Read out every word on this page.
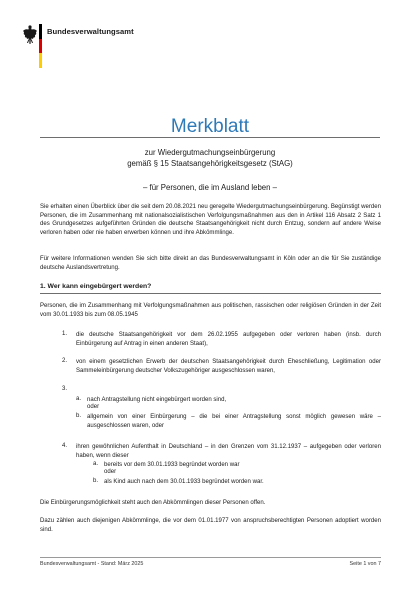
Bundesverwaltungsamt
Merkblatt
zur Wiedergutmachungseinbürgerung
gemäß § 15 Staatsangehörigkeitsgesetz (StAG)
– für Personen, die im Ausland leben –

Sie erhalten einen Überblick über die seit dem 20.08.2021 neu geregelte Wiedergutmachungseinbürgerung. Begünstigt werden Personen, die im Zusammenhang mit nationalsozialistischen Verfolgungsmaßnahmen aus den in Artikel 116 Absatz 2 Satz 1 des Grundgesetzes aufgeführten Gründen die deutsche Staatsangehörigkeit nicht durch Entzug, sondern auf andere Weise verloren haben oder nie haben erwerben können und ihre Abkömmlinge.

Für weitere Informationen wenden Sie sich bitte direkt an das Bundesverwaltungsamt in Köln oder an die für Sie zuständige deutsche Auslandsvertretung.

1. Wer kann eingebürgert werden?

Personen, die im Zusammenhang mit Verfolgungsmaßnahmen aus politischen, rassischen oder religiösen Gründen in der Zeit vom 30.01.1933 bis zum 08.05.1945

1. die deutsche Staatsangehörigkeit vor dem 26.02.1955 aufgegeben oder verloren haben (insb. durch Einbürgerung auf Antrag in einen anderen Staat),
2. von einem gesetzlichen Erwerb der deutschen Staatsangehörigkeit durch Eheschließung, Legitimation oder Sammeleinbürgerung deutscher Volkszugehöriger ausgeschlossen waren,
3.
a. nach Antragstellung nicht eingebürgert worden sind,
oder
b. allgemein von einer Einbürgerung – die bei einer Antragstellung sonst möglich gewesen wäre – ausgeschlossen waren, oder
4. ihren gewöhnlichen Aufenthalt in Deutschland – in den Grenzen vom 31.12.1937 – aufgegeben oder verloren haben, wenn dieser
a. bereits vor dem 30.01.1933 begründet worden war
oder
b. als Kind auch nach dem 30.01.1933 begründet worden war.

Die Einbürgerungsmöglichkeit steht auch den Abkömmlingen dieser Personen offen.

Dazu zählen auch diejenigen Abkömmlinge, die vor dem 01.01.1977 von anspruchsberechtigten Personen adoptiert worden sind.

Bundesverwaltungsamt - Stand: März 2025	Seite 1 von 7
